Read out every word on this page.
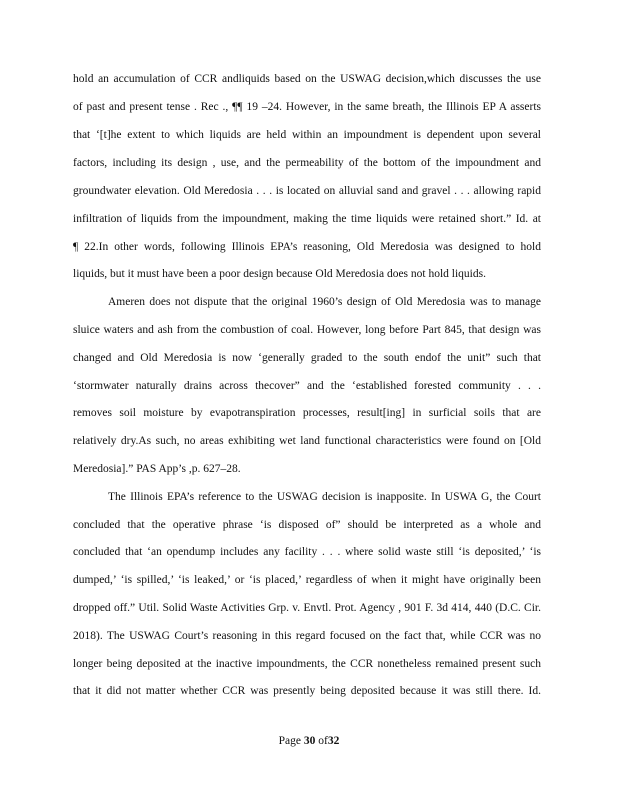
hold an accumulation of CCR andliquids based on the USWAG decision,which discusses the use
of past and present tense . Rec ., ¶¶ 19 –24. However, in the same breath, the Illinois EP A asserts
that ‘[t]he extent to which liquids are held within an impoundment is dependent upon several
factors, including its design , use, and the permeability of the bottom of the impoundment and
groundwater elevation. Old Meredosia . . . is located on alluvial sand and gravel . . . allowing rapid
infiltration of liquids from the impoundment, making the time liquids were retained short.” Id. at
¶ 22.In other words, following Illinois EPA’s reasoning, Old Meredosia was designed to hold
liquids, but it must have been a poor design because Old Meredosia does not hold liquids.
Ameren does not dispute that the original 1960’s design of Old Meredosia was to manage
sluice waters and ash from the combustion of coal. However, long before Part 845, that design was
changed and Old Meredosia is now ‘generally graded to the south endof the unit” such that
‘stormwater naturally drains across thecover” and the ‘established forested community . . .
removes soil moisture by evapotranspiration processes, result[ing] in surficial soils that are
relatively dry.As such, no areas exhibiting wet land functional characteristics were found on [Old
Meredosia].” PAS App’s ,p. 627–28.
The Illinois EPA’s reference to the USWAG decision is inapposite. In USWA G, the Court
concluded that the operative phrase ‘is disposed of” should be interpreted as a whole and
concluded that ‘an opendump includes any facility . . . where solid waste still ‘is deposited,’ ‘is
dumped,’ ‘is spilled,’ ‘is leaked,’ or ‘is placed,’ regardless of when it might have originally been
dropped off.” Util. Solid Waste Activities Grp. v. Envtl. Prot. Agency , 901 F. 3d 414, 440 (D.C. Cir.
2018). The USWAG Court’s reasoning in this regard focused on the fact that, while CCR was no
longer being deposited at the inactive impoundments, the CCR nonetheless remained present such
that it did not matter whether CCR was presently being deposited because it was still there. Id.
Page 30 of32
